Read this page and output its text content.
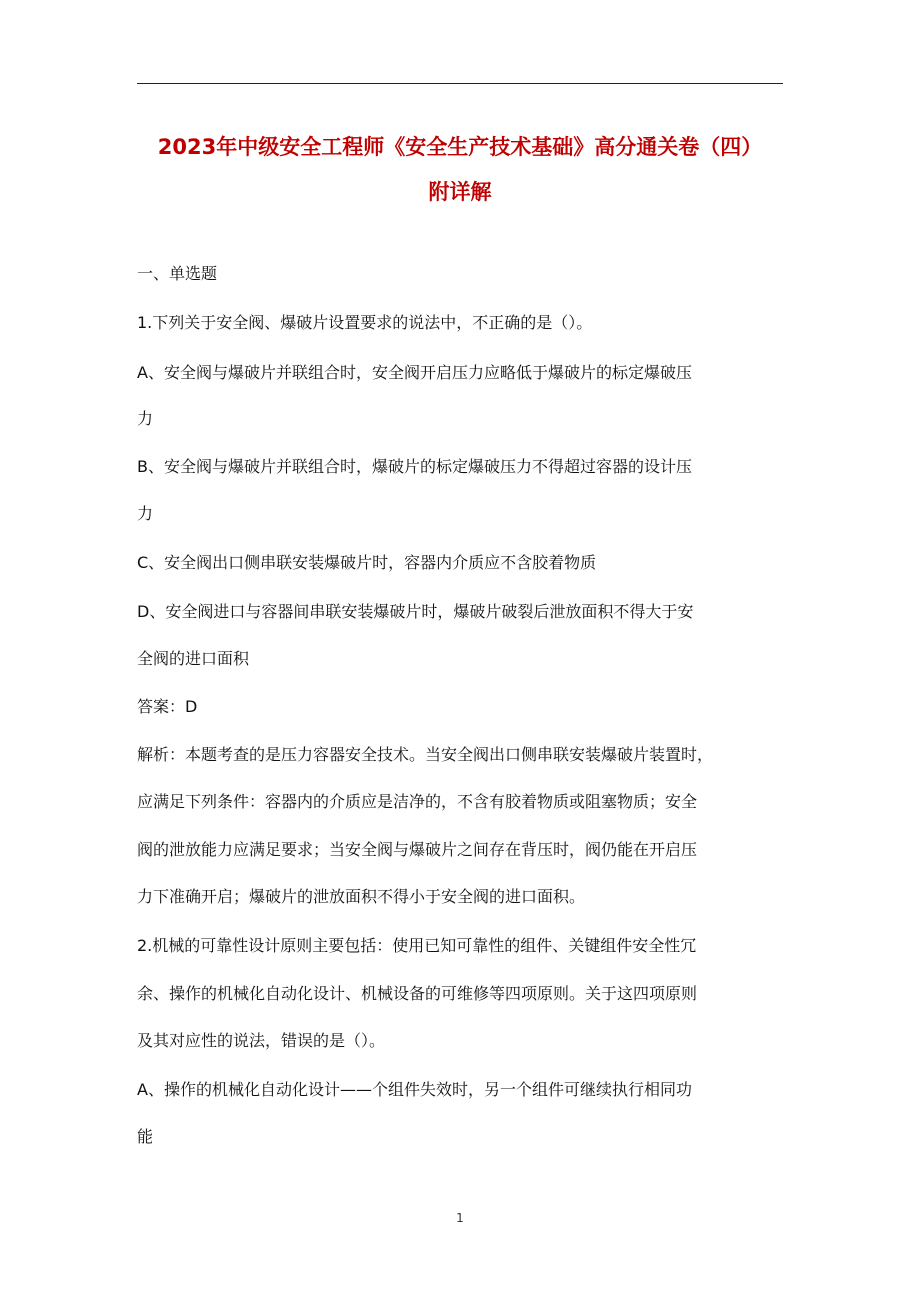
2023年中级安全工程师《安全生产技术基础》高分通关卷（四）
附详解
一、单选题
1.下列关于安全阀、爆破片设置要求的说法中，不正确的是（）。
A、安全阀与爆破片并联组合时，安全阀开启压力应略低于爆破片的标定爆破压
力
B、安全阀与爆破片并联组合时，爆破片的标定爆破压力不得超过容器的设计压
力
C、安全阀出口侧串联安装爆破片时，容器内介质应不含胶着物质
D、安全阀进口与容器间串联安装爆破片时，爆破片破裂后泄放面积不得大于安
全阀的进口面积
答案：D
解析：本题考查的是压力容器安全技术。当安全阀出口侧串联安装爆破片装置时，
应满足下列条件：容器内的介质应是洁净的，不含有胶着物质或阻塞物质；安全
阀的泄放能力应满足要求；当安全阀与爆破片之间存在背压时，阀仍能在开启压
力下准确开启；爆破片的泄放面积不得小于安全阀的进口面积。
2.机械的可靠性设计原则主要包括：使用已知可靠性的组件、关键组件安全性冗
余、操作的机械化自动化设计、机械设备的可维修等四项原则。关于这四项原则
及其对应性的说法，错误的是（）。
A、操作的机械化自动化设计——个组件失效时，另一个组件可继续执行相同功
能
1
